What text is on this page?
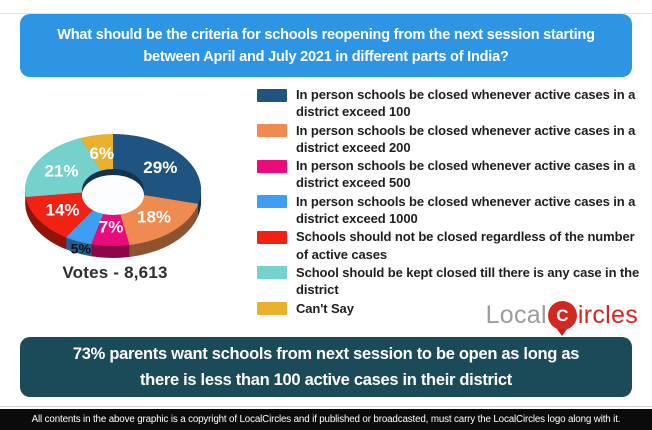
What should be the criteria for schools reopening from the next session starting
between April and July 2021 in different parts of India?
29%
18%
7%
5%
14%
21%
6%
Votes - 8,613
In person schools be closed whenever active cases in a district exceed 100
In person schools be closed whenever active cases in a district exceed 200
In person schools be closed whenever active cases in a district exceed 500
In person schools be closed whenever active cases in a district exceed 1000
Schools should not be closed regardless of the number of active cases
School should be kept closed till there is any case in the district
Can't Say	Local C ircles
73% parents want schools from next session to be open as long as
there is less than 100 active cases in their district
All contents in the above graphic is a copyright of LocalCircles and if published or broadcasted, must carry the LocalCircles logo along with it.
